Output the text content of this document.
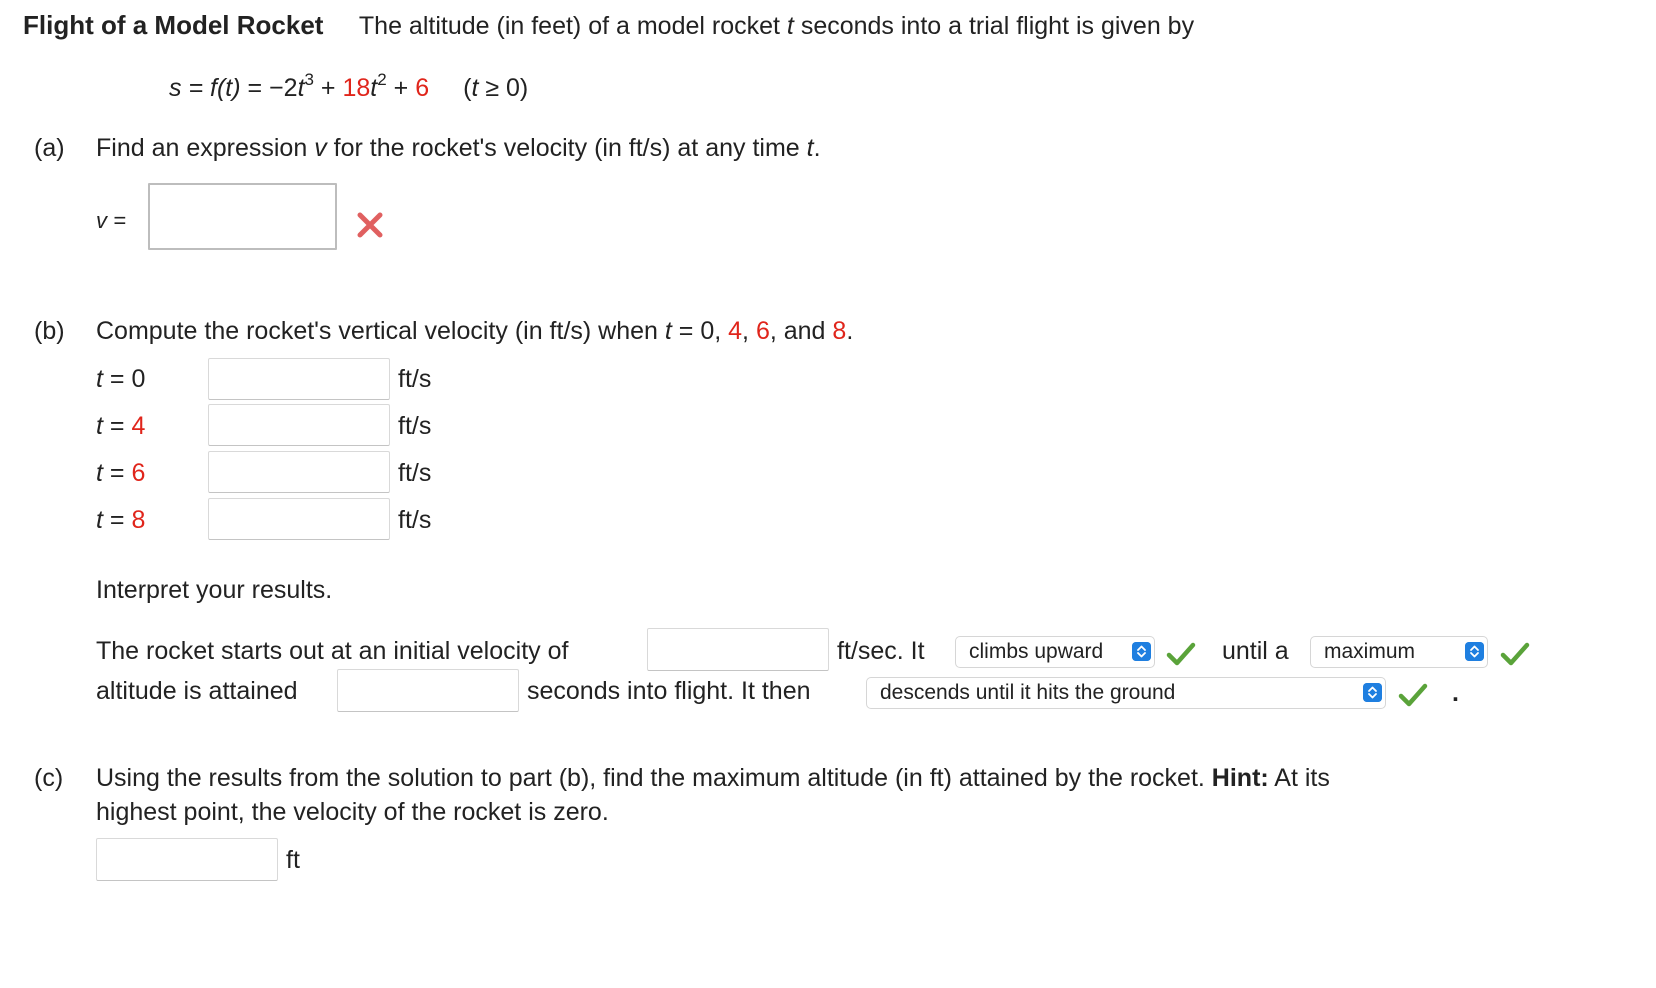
Flight of a Model Rocket The altitude (in feet) of a model rocket t seconds into a trial flight is given by
$s = f(t) = -2t^3 + 18t^2 + 6$ (t ≥ 0)
(a) Find an expression v for the rocket's velocity (in ft/s) at any time t.
v =
(b) Compute the rocket's vertical velocity (in ft/s) when t = 0, 4, 6, and 8.
t = 0	ft/s
t = 4	ft/s
t = 6	ft/s
t = 8	ft/s
Interpret your results.
The rocket starts out at an initial velocity of	ft/sec. It	climbs upward	until a	maximum
altitude is attained	seconds into flight. It then	descends until it hits the ground	.
(c) Using the results from the solution to part (b), find the maximum altitude (in ft) attained by the rocket. Hint: At its
highest point, the velocity of the rocket is zero.
ft
